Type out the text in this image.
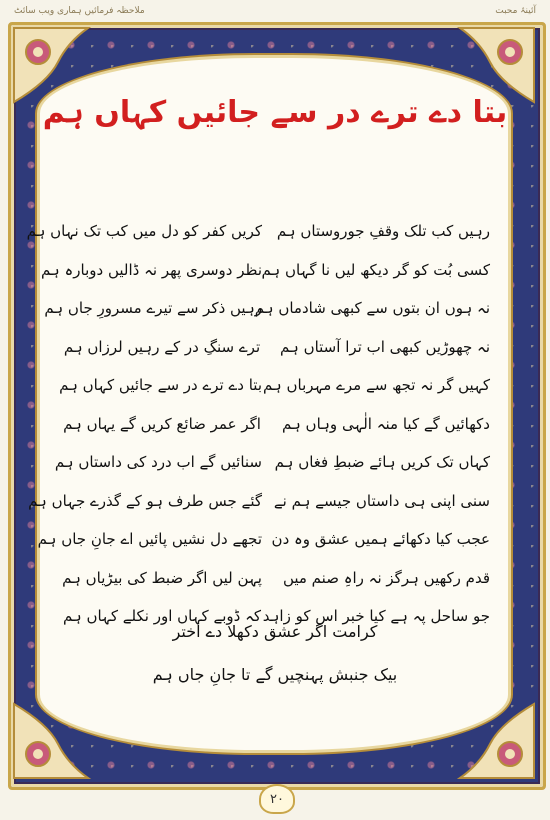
ملاحظہ فرمائیں ہماری ویب سائٹ	آئینۂ محبت
بتا دے ترے در سے جائیں کہاں ہم
رہیں کب تلک وقفِ جوروستاں ہم
کریں کفر کو دل میں کب تک نہاں ہم
کسی بُت کو گر دیکھ لیں نا گہاں ہم
نظر دوسری پھر نہ ڈالیں دوبارہ ہم
نہ ہوں ان بتوں سے کبھی شادماں ہم
رہیں ذکر سے تیرے مسرورِ جاں ہم
نہ چھوڑیں کبھی اب ترا آستاں ہم
ترے سنگِ در کے رہیں لرزاں ہم
کہیں گر نہ تجھ سے مرے مہرباں ہم
بتا دے ترے در سے جائیں کہاں ہم
دکھائیں گے کیا منہ الٰہی وہاں ہم
اگر عمر ضائع کریں گے یہاں ہم
کہاں تک کریں ہائے ضبطِ فغاں ہم
سنائیں گے اب درد کی داستاں ہم
سنی اپنی ہی داستاں جیسے ہم نے
گئے جس طرف ہو کے گذرے جہاں ہم
عجب کیا دکھائے ہمیں عشق وہ دن
تجھے دل نشیں پائیں اے جانِ جاں ہم
قدم رکھیں ہرگز نہ راہِ صنم میں
پہن لیں اگر ضبط کی بیڑیاں ہم
جو ساحل پہ ہے کیا خبر اس کو زاہد
کہ ڈوبے کہاں اور نکلے کہاں ہم
کرامت اگر عشق دکھلا دے اختر
بیک جنبش پہنچیں گے تا جانِ جاں ہم
۲۰
